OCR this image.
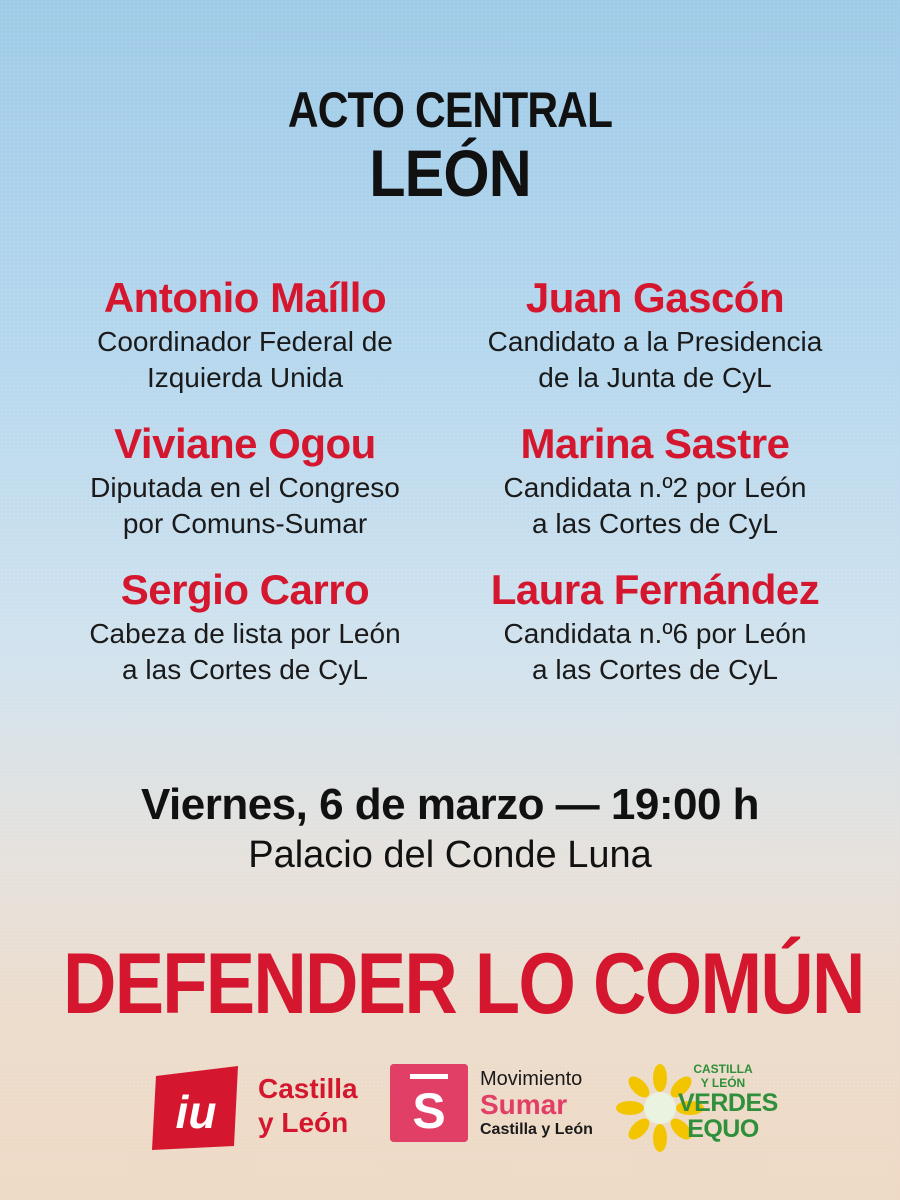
ACTO CENTRAL
LEÓN
Antonio Maíllo
Coordinador Federal de
Izquierda Unida
Juan Gascón
Candidato a la Presidencia
de la Junta de CyL
Viviane Ogou
Diputada en el Congreso
por Comuns-Sumar
Marina Sastre
Candidata n.º2 por León
a las Cortes de CyL
Sergio Carro
Cabeza de lista por León
a las Cortes de CyL
Laura Fernández
Candidata n.º6 por León
a las Cortes de CyL
Viernes, 6 de marzo — 19:00 h
Palacio del Conde Luna
DEFENDER LO COMÚN
iu Castilla
y León S
Movimiento
Sumar
Castilla y León
CASTILLA
Y LEÓN
VERDES
EQUO
